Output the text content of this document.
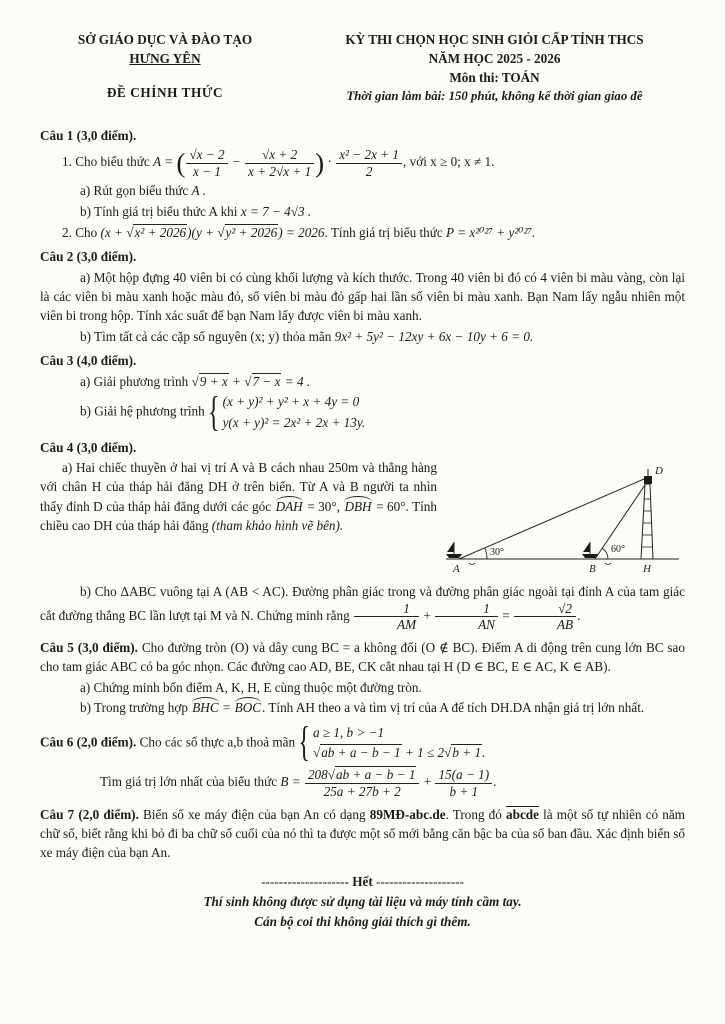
SỞ GIÁO DỤC VÀ ĐÀO TẠO
HƯNG YÊN
ĐỀ CHÍNH THỨC
KỲ THI CHỌN HỌC SINH GIỎI CẤP TỈNH THCS
NĂM HỌC 2025 - 2026
Môn thi: TOÁN
Thời gian làm bài: 150 phút, không kể thời gian giao đề

Câu 1 (3,0 điểm).

1. Cho biểu thức A = ( $\frac{√x - 2}{x - 1} - \frac{√x + 2}{x + 2√x + 1}$ ) · $\frac{\text{x² − 2x + 1}}{2}$ , với x ≥ 0; x ≠ 1.

a) Rút gọn biểu thức A .

b) Tính giá trị biểu thức A khi x = 7 − 4√3 .

2. Cho (x + √x² + 2026)(y + √y² + 2026) = 2026. Tính giá trị biểu thức P = x²⁰²⁷ + y²⁰²⁷.

Câu 2 (3,0 điểm).

a) Một hộp đựng 40 viên bi có cùng khối lượng và kích thước. Trong 40 viên bi đó có 4 viên bi màu vàng, còn lại là các viên bi màu xanh hoặc màu đỏ, số viên bi màu đỏ gấp hai lần số viên bi màu xanh. Bạn Nam lấy ngẫu nhiên một viên bi trong hộp. Tính xác suất để bạn Nam lấy được viên bi màu xanh.

b) Tìm tất cả các cặp số nguyên (x; y) thỏa mãn 9x² + 5y² − 12xy + 6x − 10y + 6 = 0.

Câu 3 (4,0 điểm).

a) Giải phương trình √9 + x + √7 − x = 4 .

b) Giải hệ phương trình { (x + y)² + y² + x + 4y = 0
y(x + y)² = 2x² + 2x + 13y.

Câu 4 (3,0 điểm).

a) Hai chiếc thuyền ở hai vị trí A và B cách nhau 250m và thẳng hàng với chân H của tháp hải đăng DH ở trên biển. Từ A và B người ta nhìn thấy đỉnh D của tháp hải đăng dưới các góc DAH = 30°, DBH = 60°. Tính chiều cao DH của tháp hải đăng (tham khảo hình vẽ bên).
30°	60°
A	B	H
D

b) Cho ΔABC vuông tại A (AB < AC). Đường phân giác trong và đường phân giác ngoài tại đỉnh A của tam giác cắt đường thẳng BC lần lượt tại M và N. Chứng minh rằng $\frac{1}{AM} + \frac{1}{AN} = \frac{√2}{AB}$ .

Câu 5 (3,0 điểm). Cho đường tròn (O) và dây cung BC = a không đổi (O ∉ BC). Điểm A di động trên cung lớn BC sao cho tam giác ABC có ba góc nhọn. Các đường cao AD, BE, CK cắt nhau tại H (D ∈ BC, E ∈ AC, K ∈ AB).

a) Chứng minh bốn điểm A, K, H, E cùng thuộc một đường tròn.

b) Trong trường hợp BHC = BOC. Tính AH theo a và tìm vị trí của A để tích DH.DA nhận giá trị lớn nhất.

Câu 6 (2,0 điểm). Cho các số thực a,b thoả mãn { a ≥ 1, b > −1
√ab + a − b − 1 + 1 ≤ 2√b + 1.

Tìm giá trị lớn nhất của biểu thức $B = \frac{208√ab + a - b - 1}{25a + 27b + 2} + \frac{15(a - 1)}{b + 1}$ .

Câu 7 (2,0 điểm). Biển số xe máy điện của bạn An có dạng 89MĐ-abc.de. Trong đó abcde là một số tự nhiên có năm chữ số, biết rằng khi bỏ đi ba chữ số cuối của nó thì ta được một số mới bằng căn bậc ba của số ban đầu. Xác định biển số xe máy điện của bạn An.

-------------------- Hết --------------------

Thí sinh không được sử dụng tài liệu và máy tính cầm tay.

Cán bộ coi thi không giải thích gì thêm.
